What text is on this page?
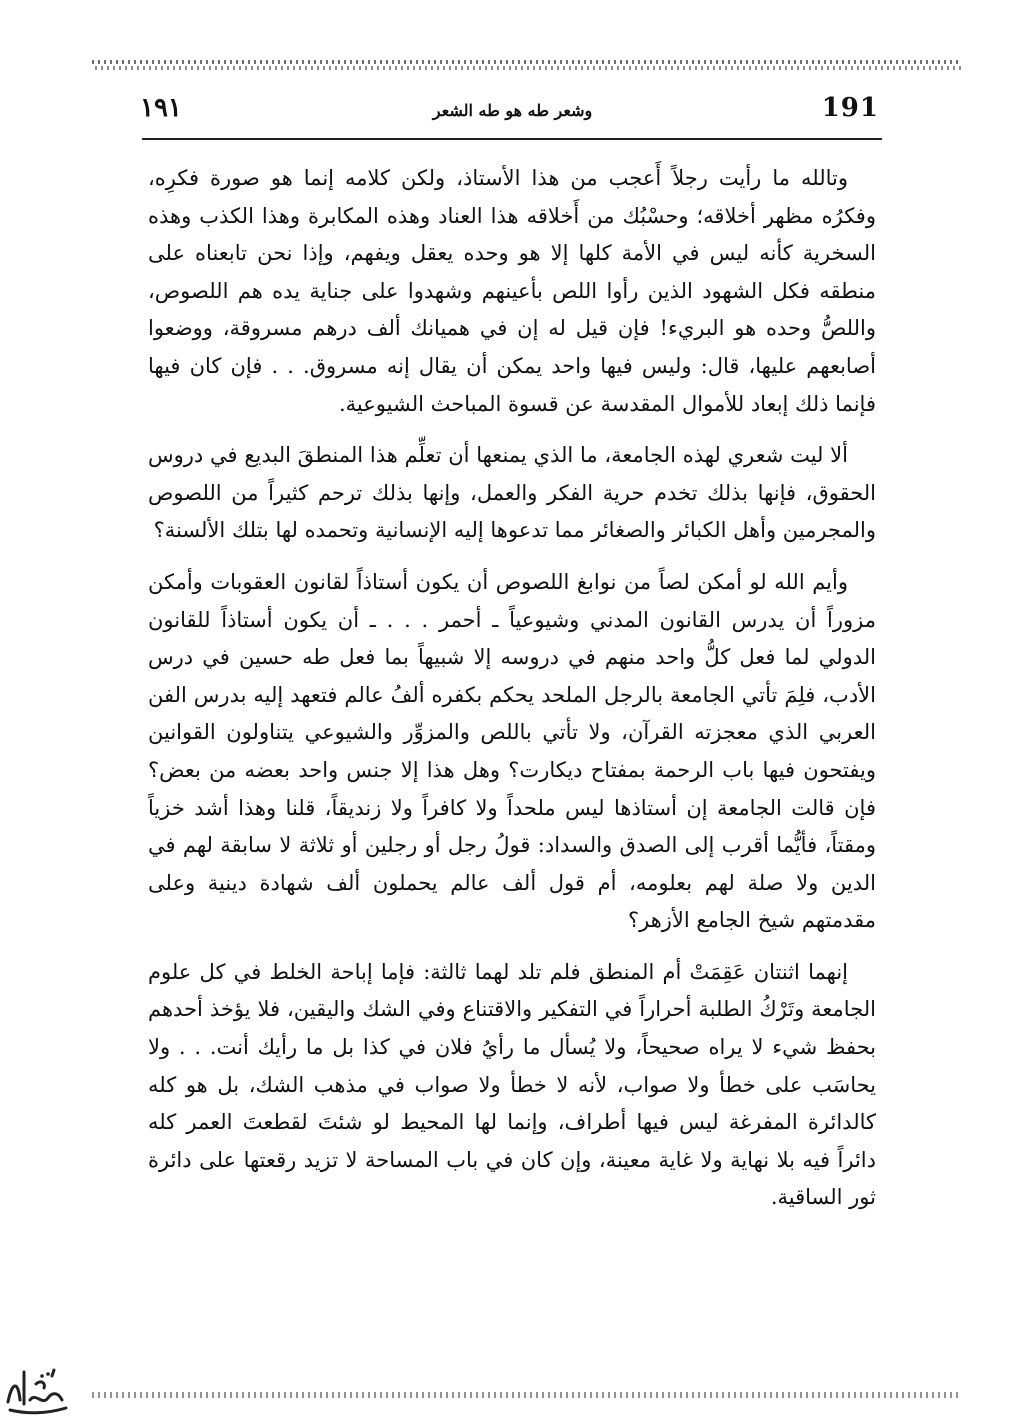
١٩١	وشعر طه هو طه الشعر	191

وتالله ما رأيت رجلاً أَعجب من هذا الأستاذ، ولكن كلامه إنما هو صورة فكرِه، وفكرُه مظهر أخلاقه؛ وحسْبُك من أَخلاقه هذا العناد وهذه المكابرة وهذا الكذب وهذه السخرية كأنه ليس في الأمة كلها إلا هو وحده يعقل ويفهم، وإذا نحن تابعناه على منطقه فكل الشهود الذين رأوا اللص بأعينهم وشهدوا على جناية يده هم اللصوص، واللصُّ وحده هو البريء! فإن قيل له إن في هميانك ألف درهم مسروقة، ووضعوا أصابعهم عليها، قال: وليس فيها واحد يمكن أن يقال إنه مسروق. . . فإن كان فيها فإنما ذلك إبعاد للأموال المقدسة عن قسوة المباحث الشيوعية.

ألا ليت شعري لهذه الجامعة، ما الذي يمنعها أن تعلِّم هذا المنطقَ البديع في دروس الحقوق، فإنها بذلك تخدم حرية الفكر والعمل، وإنها بذلك ترحم كثيراً من اللصوص والمجرمين وأهل الكبائر والصغائر مما تدعوها إليه الإنسانية وتحمده لها بتلك الألسنة؟

وأيم الله لو أمكن لصاً من نوابغ اللصوص أن يكون أستاذاً لقانون العقوبات وأمكن مزوراً أن يدرس القانون المدني وشيوعياً ـ أحمر . . . ـ أن يكون أستاذاً للقانون الدولي لما فعل كلُّ واحد منهم في دروسه إلا شبيهاً بما فعل طه حسين في درس الأدب، فلِمَ تأتي الجامعة بالرجل الملحد يحكم بكفره ألفُ عالم فتعهد إليه بدرس الفن العربي الذي معجزته القرآن، ولا تأتي باللص والمزوِّر والشيوعي يتناولون القوانين ويفتحون فيها باب الرحمة بمفتاح ديكارت؟ وهل هذا إلا جنس واحد بعضه من بعض؟ فإن قالت الجامعة إن أستاذها ليس ملحداً ولا كافراً ولا زنديقاً، قلنا وهذا أشد خزياً ومقتاً، فأيُّما أقرب إلى الصدق والسداد: قولُ رجل أو رجلين أو ثلاثة لا سابقة لهم في الدين ولا صلة لهم بعلومه، أم قول ألف عالم يحملون ألف شهادة دينية وعلى مقدمتهم شيخ الجامع الأزهر؟

إنهما اثنتان عَقِمَتْ أم المنطق فلم تلد لهما ثالثة: فإما إباحة الخلط في كل علوم الجامعة وتَرْكُ الطلبة أحراراً في التفكير والاقتناع وفي الشك واليقين، فلا يؤخذ أحدهم بحفظ شيء لا يراه صحيحاً، ولا يُسأل ما رأيُ فلان في كذا بل ما رأيك أنت. . . ولا يحاسَب على خطأ ولا صواب، لأنه لا خطأ ولا صواب في مذهب الشك، بل هو كله كالدائرة المفرغة ليس فيها أطراف، وإنما لها المحيط لو شئتَ لقطعتَ العمر كله دائراً فيه بلا نهاية ولا غاية معينة، وإن كان في باب المساحة لا تزيد رقعتها على دائرة ثور الساقية.
